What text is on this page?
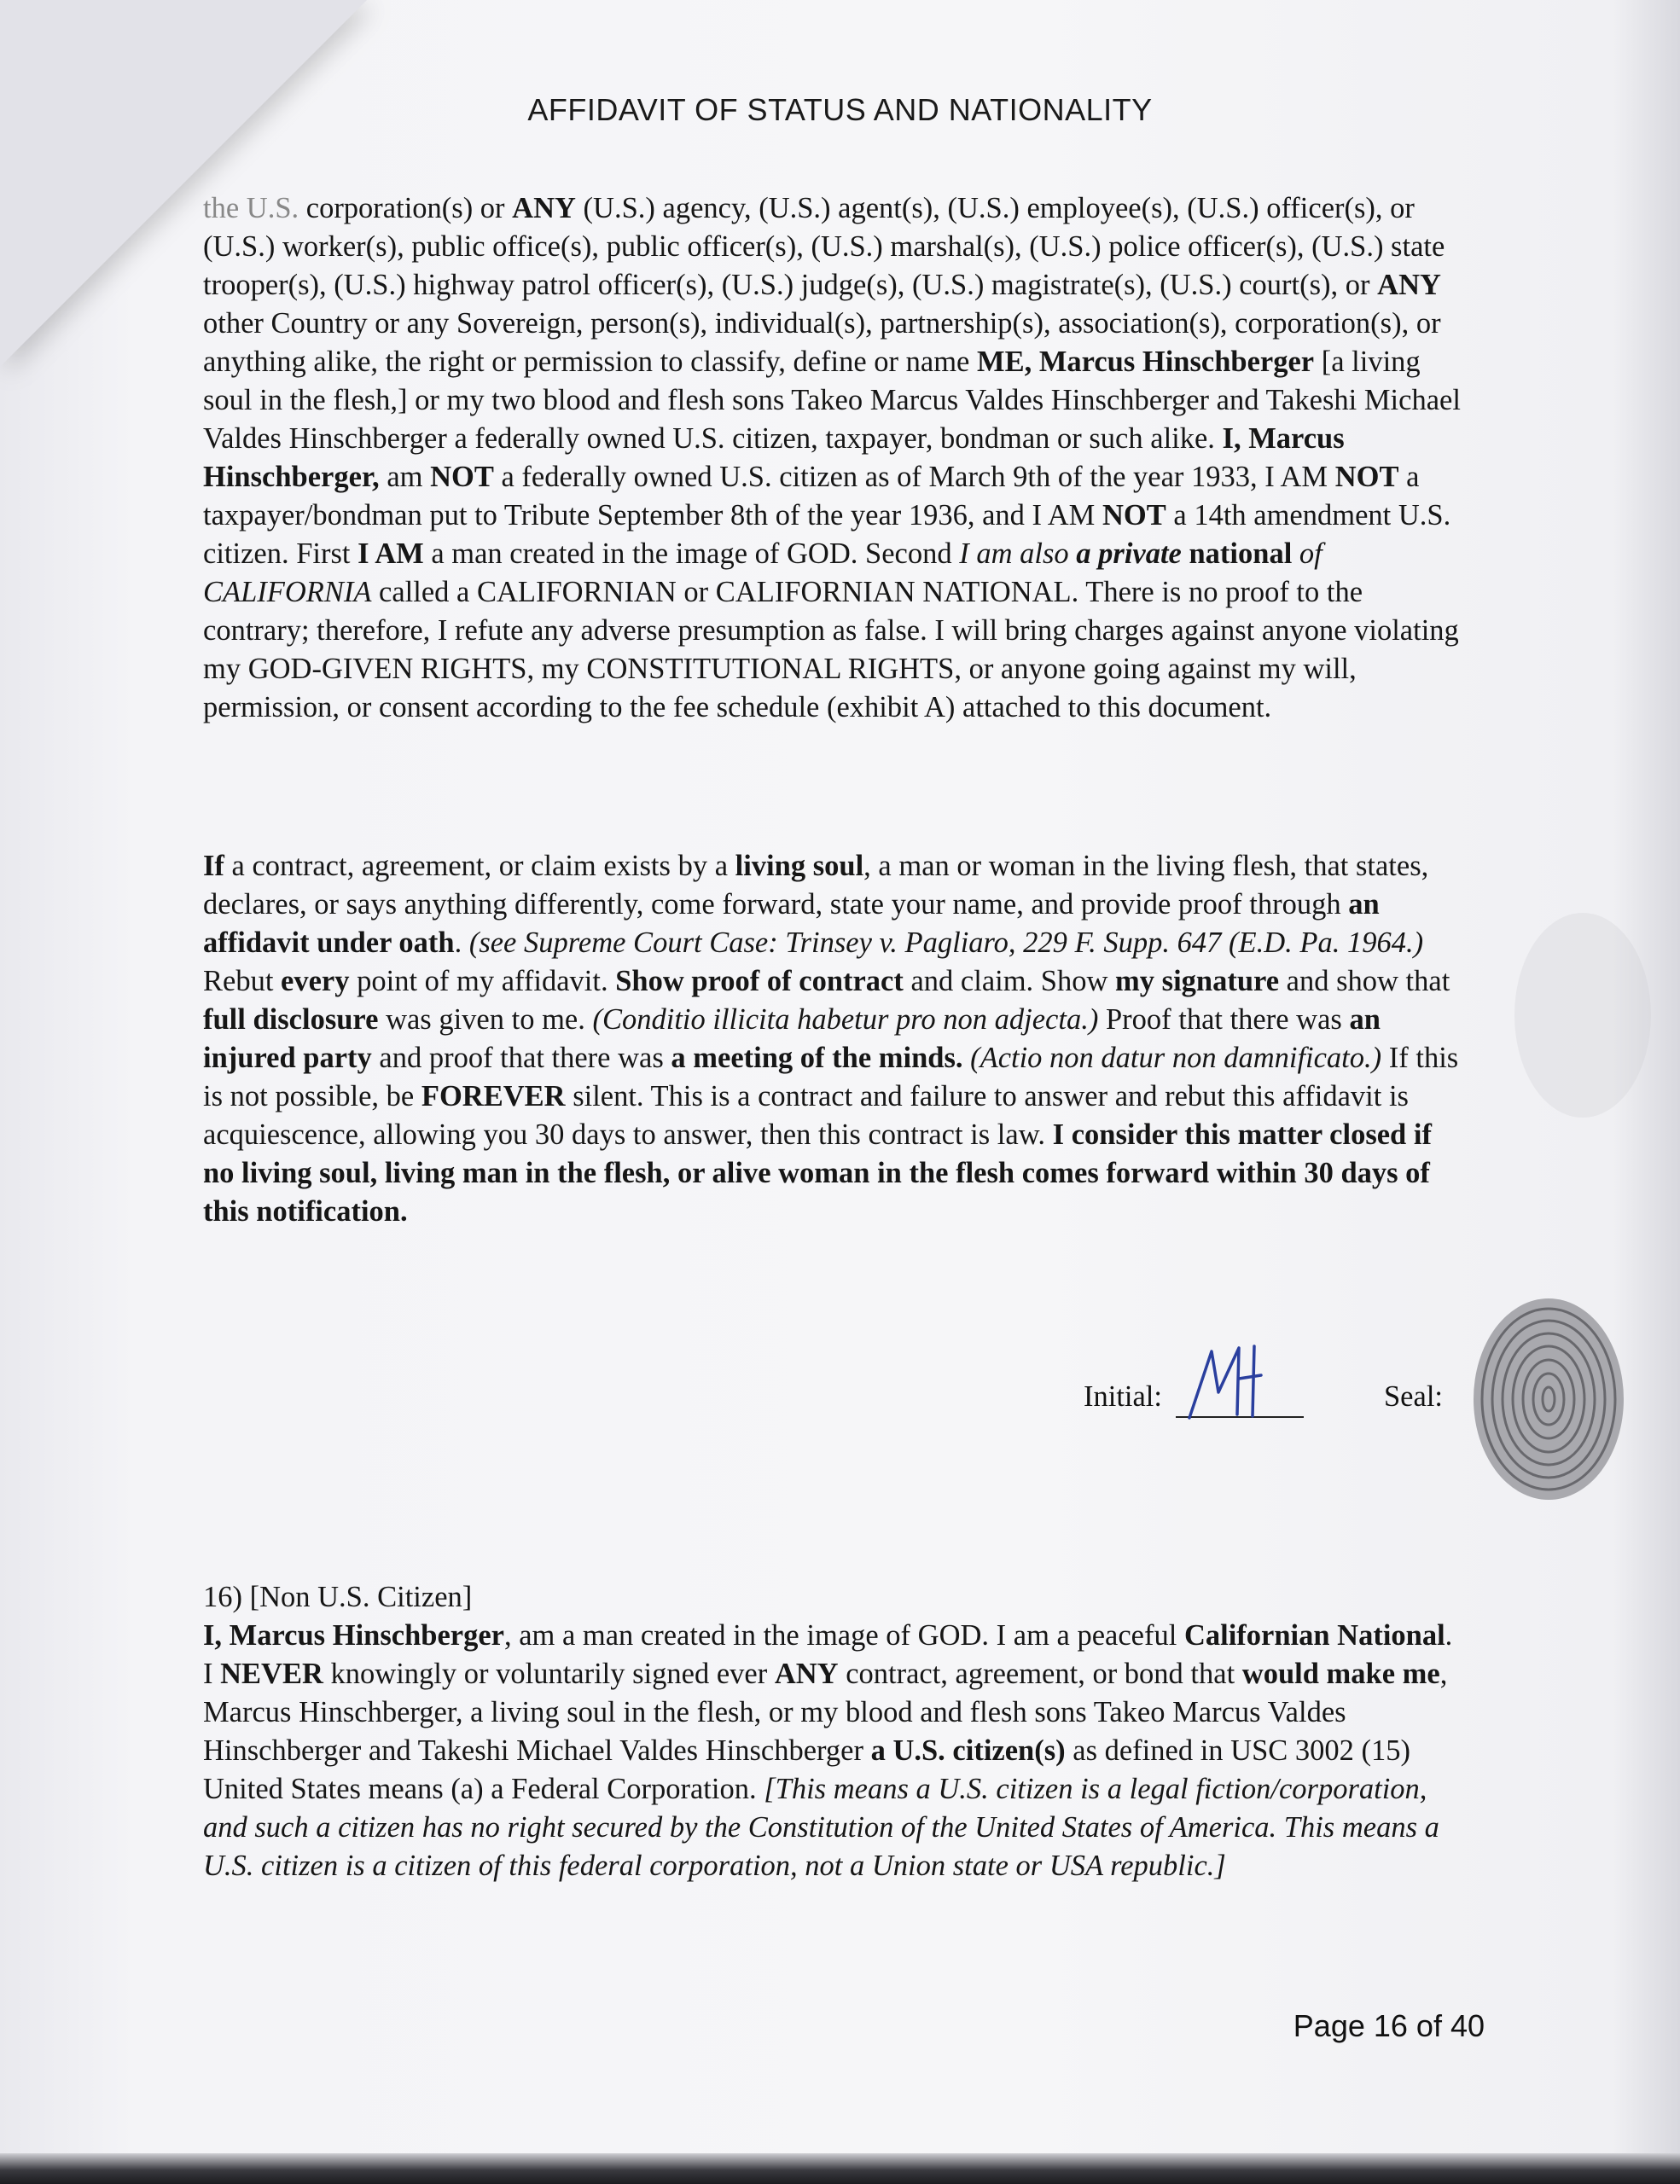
AFFIDAVIT OF STATUS AND NATIONALITY
the U.S. corporation(s) or ANY (U.S.) agency, (U.S.) agent(s), (U.S.) employee(s), (U.S.) officer(s), or (U.S.) worker(s), public office(s), public officer(s), (U.S.) marshal(s), (U.S.) police officer(s), (U.S.) state trooper(s), (U.S.) highway patrol officer(s), (U.S.) judge(s), (U.S.) magistrate(s), (U.S.) court(s), or ANY other Country or any Sovereign, person(s), individual(s), partnership(s), association(s), corporation(s), or anything alike, the right or permission to classify, define or name ME, Marcus Hinschberger [a living soul in the flesh,] or my two blood and flesh sons Takeo Marcus Valdes Hinschberger and Takeshi Michael Valdes Hinschberger a federally owned U.S. citizen, taxpayer, bondman or such alike. I, Marcus Hinschberger, am NOT a federally owned U.S. citizen as of March 9th of the year 1933, I AM NOT a taxpayer/bondman put to Tribute September 8th of the year 1936, and I AM NOT a 14th amendment U.S. citizen. First I AM a man created in the image of GOD. Second I am also a private national of CALIFORNIA called a CALIFORNIAN or CALIFORNIAN NATIONAL. There is no proof to the contrary; therefore, I refute any adverse presumption as false. I will bring charges against anyone violating my GOD-GIVEN RIGHTS, my CONSTITUTIONAL RIGHTS, or anyone going against my will, permission, or consent according to the fee schedule (exhibit A) attached to this document.
If a contract, agreement, or claim exists by a living soul, a man or woman in the living flesh, that states, declares, or says anything differently, come forward, state your name, and provide proof through an affidavit under oath. (see Supreme Court Case: Trinsey v. Pagliaro, 229 F. Supp. 647 (E.D. Pa. 1964.) Rebut every point of my affidavit. Show proof of contract and claim. Show my signature and show that full disclosure was given to me. (Conditio illicita habetur pro non adjecta.) Proof that there was an injured party and proof that there was a meeting of the minds. (Actio non datur non damnificato.) If this is not possible, be FOREVER silent. This is a contract and failure to answer and rebut this affidavit is acquiescence, allowing you 30 days to answer, then this contract is law. I consider this matter closed if no living soul, living man in the flesh, or alive woman in the flesh comes forward within 30 days of this notification.
Initial:	Seal:
16) [Non U.S. Citizen]
I, Marcus Hinschberger, am a man created in the image of GOD. I am a peaceful Californian National. I NEVER knowingly or voluntarily signed ever ANY contract, agreement, or bond that would make me, Marcus Hinschberger, a living soul in the flesh, or my blood and flesh sons Takeo Marcus Valdes Hinschberger and Takeshi Michael Valdes Hinschberger a U.S. citizen(s) as defined in USC 3002 (15) United States means (a) a Federal Corporation. [This means a U.S. citizen is a legal fiction/corporation, and such a citizen has no right secured by the Constitution of the United States of America. This means a U.S. citizen is a citizen of this federal corporation, not a Union state or USA republic.]
Page 16 of 40
